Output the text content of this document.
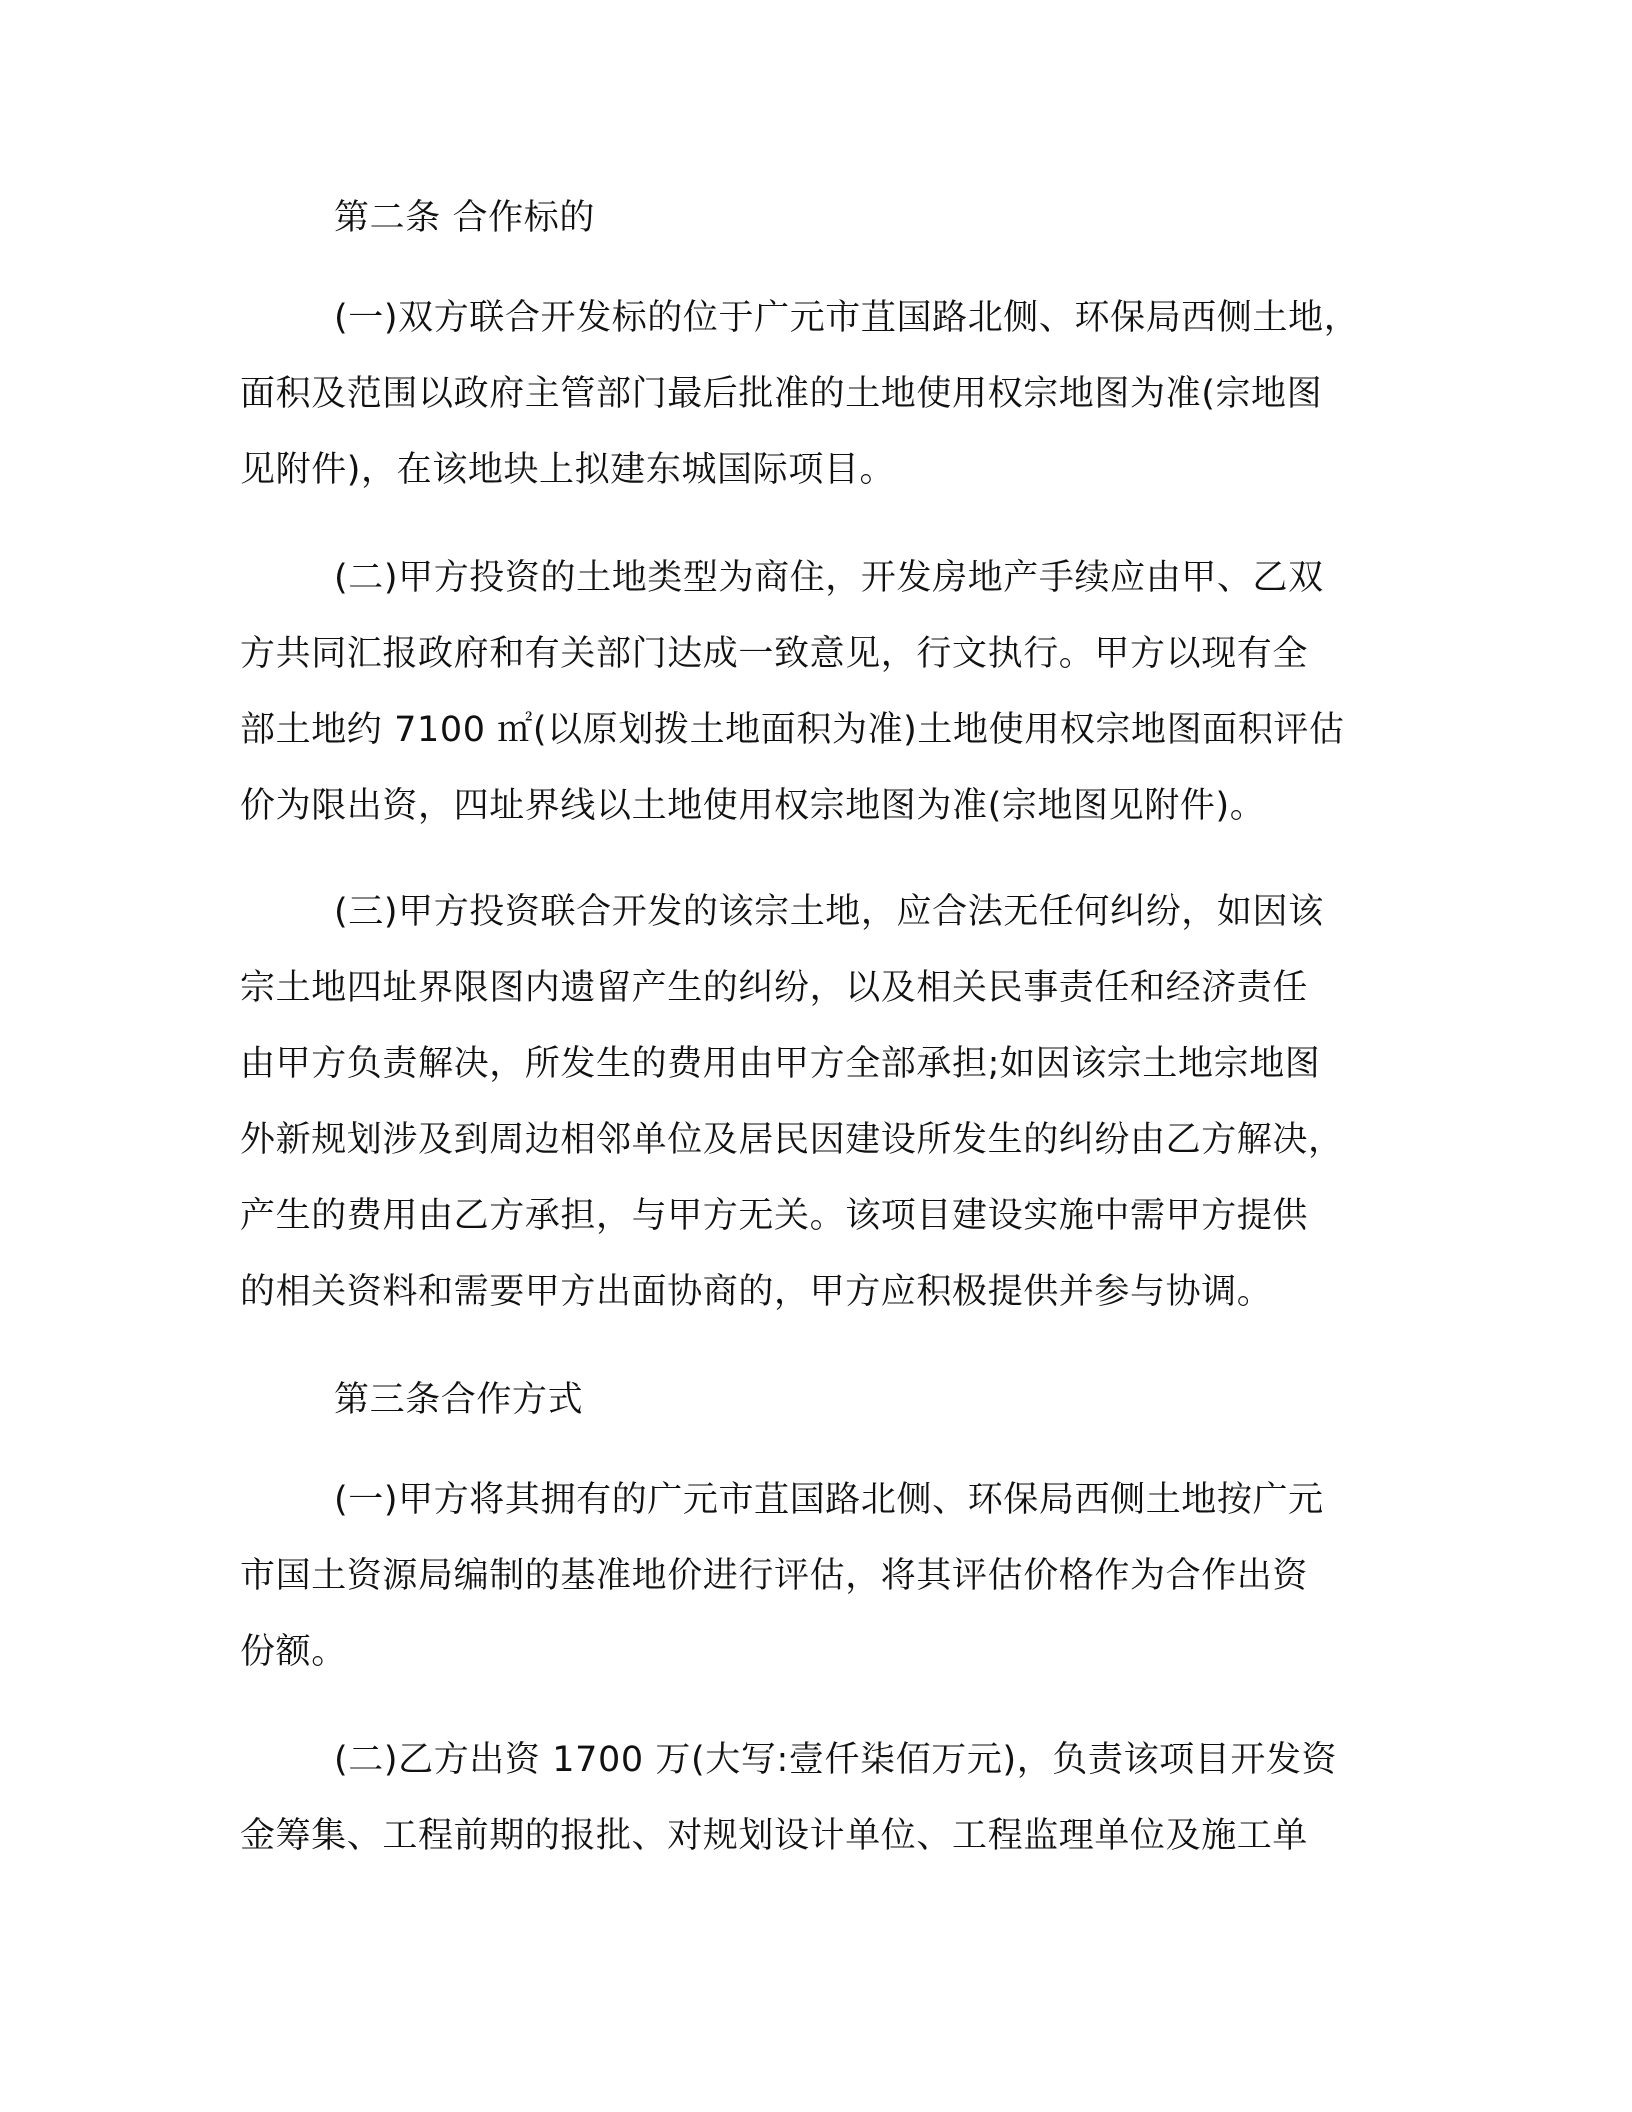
第二条 合作标的
(一)双方联合开发标的位于广元市苴国路北侧、环保局西侧土地，
面积及范围以政府主管部门最后批准的土地使用权宗地图为准(宗地图
见附件)，在该地块上拟建东城国际项目。
(二)甲方投资的土地类型为商住，开发房地产手续应由甲、乙双
方共同汇报政府和有关部门达成一致意见，行文执行。甲方以现有全
部土地约 7100 ㎡(以原划拨土地面积为准)土地使用权宗地图面积评估
价为限出资，四址界线以土地使用权宗地图为准(宗地图见附件)。
(三)甲方投资联合开发的该宗土地，应合法无任何纠纷，如因该
宗土地四址界限图内遗留产生的纠纷，以及相关民事责任和经济责任
由甲方负责解决，所发生的费用由甲方全部承担;如因该宗土地宗地图
外新规划涉及到周边相邻单位及居民因建设所发生的纠纷由乙方解决，
产生的费用由乙方承担，与甲方无关。该项目建设实施中需甲方提供
的相关资料和需要甲方出面协商的，甲方应积极提供并参与协调。
第三条合作方式
(一)甲方将其拥有的广元市苴国路北侧、环保局西侧土地按广元
市国土资源局编制的基准地价进行评估，将其评估价格作为合作出资
份额。
(二)乙方出资 1700 万(大写:壹仟柒佰万元)，负责该项目开发资
金筹集、工程前期的报批、对规划设计单位、工程监理单位及施工单
